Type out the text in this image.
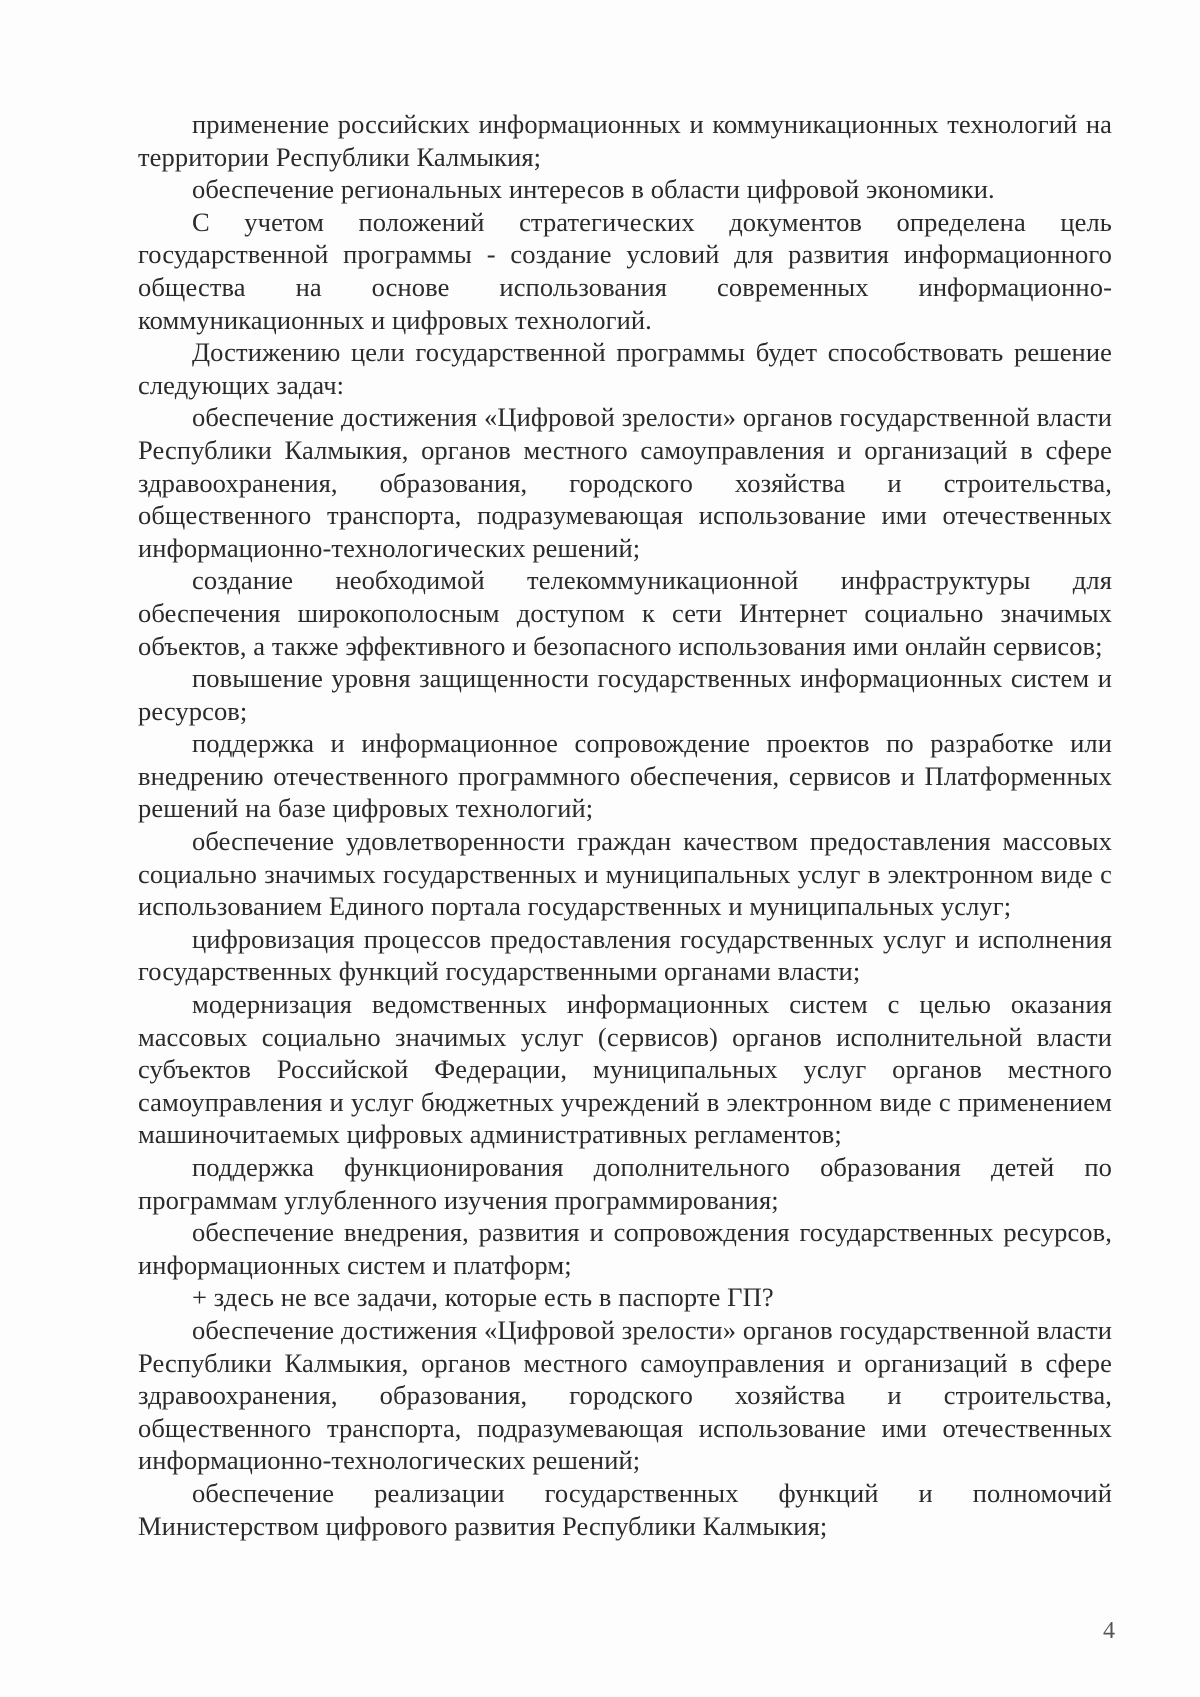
применение российских информационных и коммуникационных технологий на территории Республики Калмыкия;

обеспечение региональных интересов в области цифровой экономики.

С учетом положений стратегических документов определена цель государственной программы - создание условий для развития информационного общества на основе использования современных информационно-коммуникационных и цифровых технологий.

Достижению цели государственной программы будет способствовать решение следующих задач:

обеспечение достижения «Цифровой зрелости» органов государственной власти Республики Калмыкия, органов местного самоуправления и организаций в сфере здравоохранения, образования, городского хозяйства и строительства, общественного транспорта, подразумевающая использование ими отечественных информационно-технологических решений;

создание необходимой телекоммуникационной инфраструктуры для обеспечения широкополосным доступом к сети Интернет социально значимых объектов, а также эффективного и безопасного использования ими онлайн сервисов;

повышение уровня защищенности государственных информационных систем и ресурсов;

поддержка и информационное сопровождение проектов по разработке или внедрению отечественного программного обеспечения, сервисов и Платформенных решений на базе цифровых технологий;

обеспечение удовлетворенности граждан качеством предоставления массовых социально значимых государственных и муниципальных услуг в электронном виде с использованием Единого портала государственных и муниципальных услуг;

цифровизация процессов предоставления государственных услуг и исполнения государственных функций государственными органами власти;

модернизация ведомственных информационных систем с целью оказания массовых социально значимых услуг (сервисов) органов исполнительной власти субъектов Российской Федерации, муниципальных услуг органов местного самоуправления и услуг бюджетных учреждений в электронном виде с применением машиночитаемых цифровых административных регламентов;

поддержка функционирования дополнительного образования детей по программам углубленного изучения программирования;

обеспечение внедрения, развития и сопровождения государственных ресурсов, информационных систем и платформ;

+ здесь не все задачи, которые есть в паспорте ГП?

обеспечение достижения «Цифровой зрелости» органов государственной власти Республики Калмыкия, органов местного самоуправления и организаций в сфере здравоохранения, образования, городского хозяйства и строительства, общественного транспорта, подразумевающая использование ими отечественных информационно-технологических решений;

обеспечение реализации государственных функций и полномочий Министерством цифрового развития Республики Калмыкия;

4
